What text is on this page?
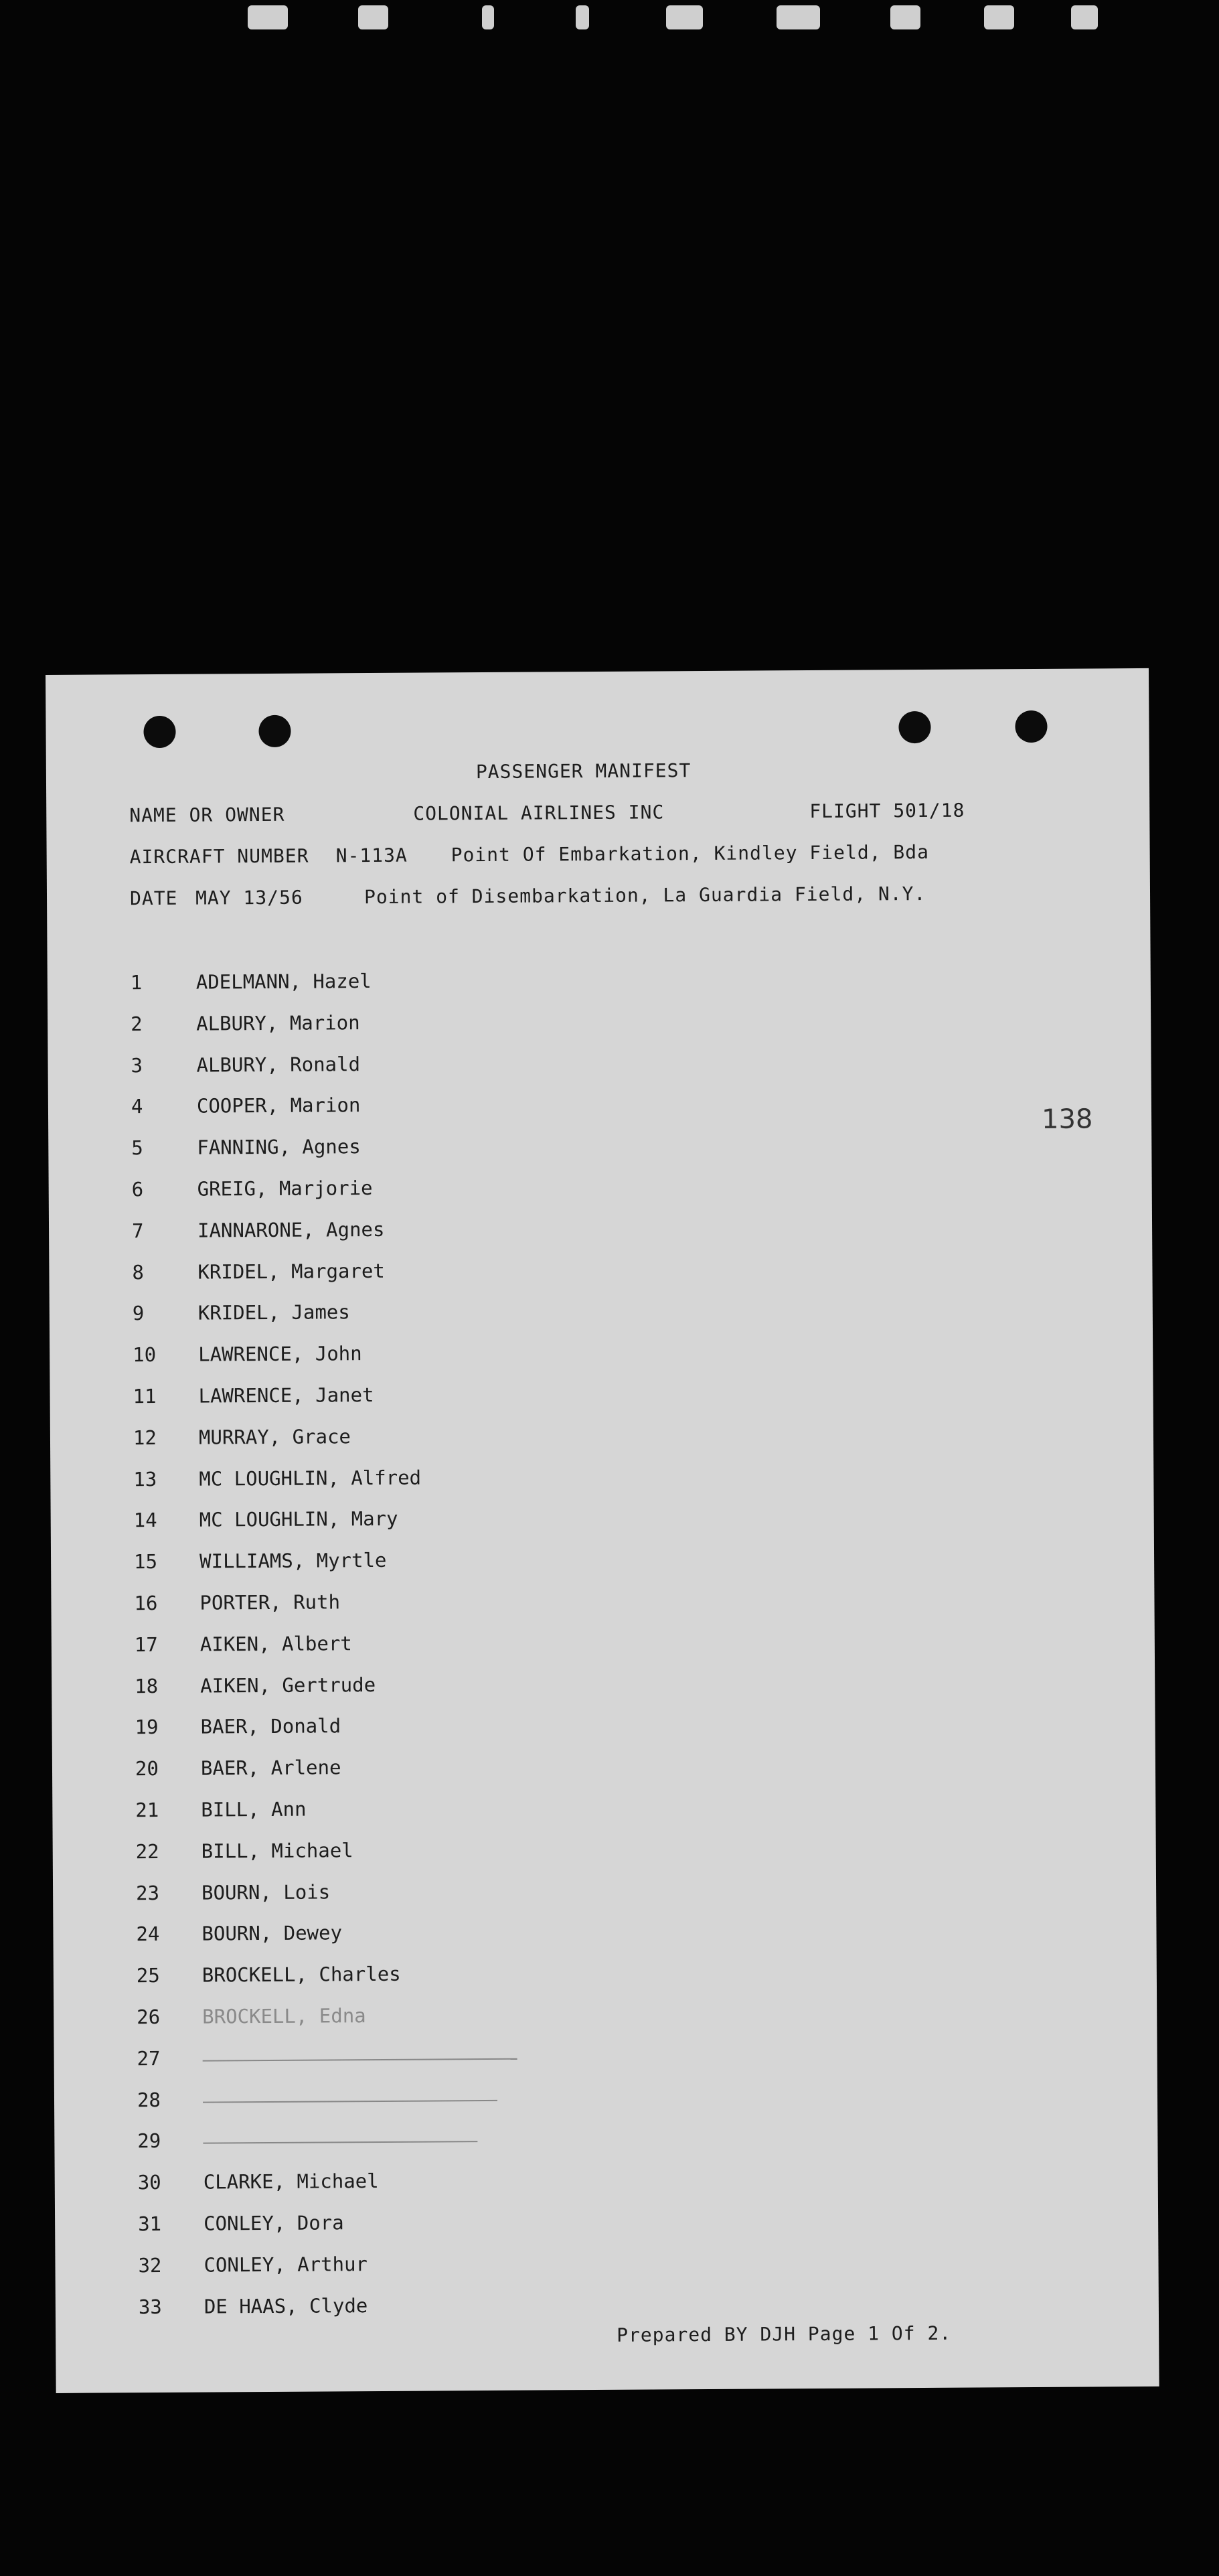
PASSENGER MANIFEST
NAME OR OWNER	COLONIAL AIRLINES INC	FLIGHT 501/18
AIRCRAFT NUMBER N-113A Point Of Embarkation, Kindley Field, Bda
DATE MAY 13/56	Point of Disembarkation, La Guardia Field, N.Y.
138
1	ADELMANN, Hazel
2	ALBURY, Marion
3	ALBURY, Ronald
4	COOPER, Marion
5	FANNING, Agnes
6	GREIG, Marjorie
7	IANNARONE, Agnes
8	KRIDEL, Margaret
9	KRIDEL, James
10	LAWRENCE, John
11	LAWRENCE, Janet
12	MURRAY, Grace
13	MC LOUGHLIN, Alfred
14	MC LOUGHLIN, Mary
15	WILLIAMS, Myrtle
16	PORTER, Ruth
17	AIKEN, Albert
18	AIKEN, Gertrude
19	BAER, Donald
20	BAER, Arlene
21	BILL, Ann
22	BILL, Michael
23	BOURN, Lois
24	BOURN, Dewey
25	BROCKELL, Charles
26	BROCKELL, Edna
27
28
29
30	CLARKE, Michael
31	CONLEY, Dora
32	CONLEY, Arthur
33	DE HAAS, Clyde
Prepared BY DJH Page 1 Of 2.
